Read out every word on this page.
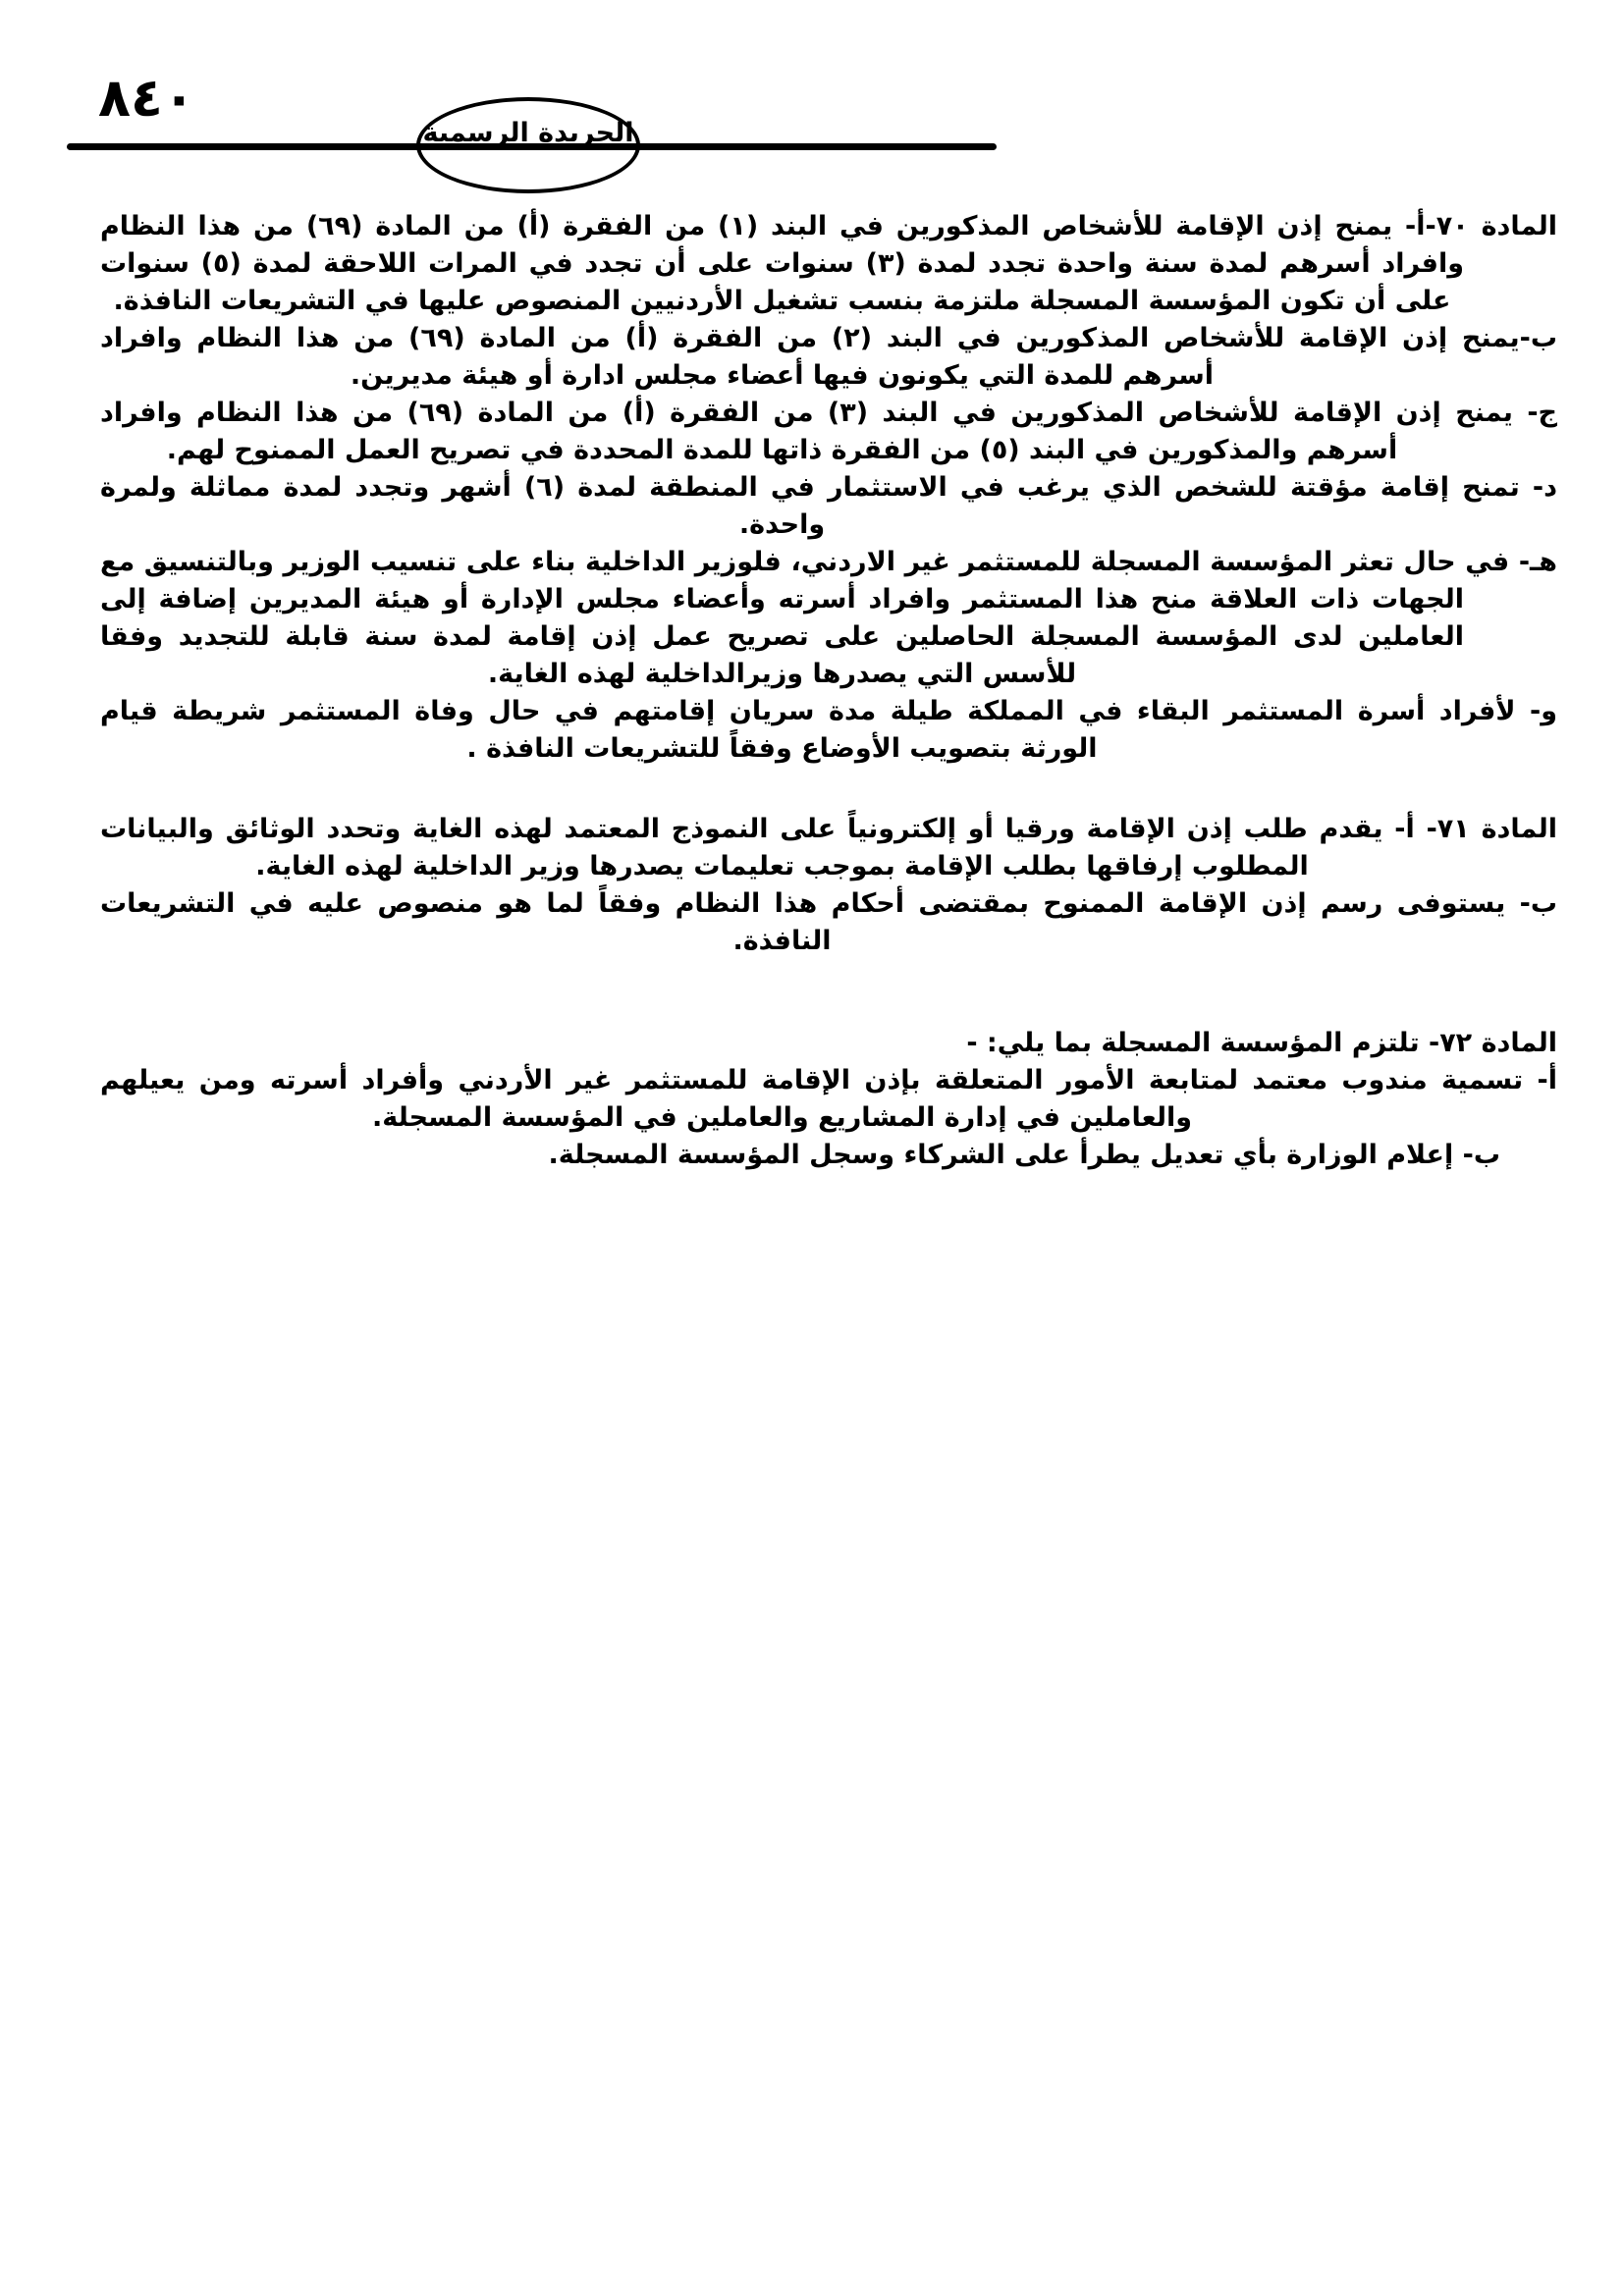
٨٤٠
الجريدة الرسمية

المادة ٧٠-أ- يمنح إذن الإقامة للأشخاص المذكورين في البند (١) من الفقرة (أ) من المادة (٦٩) من هذا النظام وافراد أسرهم لمدة سنة واحدة تجدد لمدة (٣) سنوات على أن تجدد في المرات اللاحقة لمدة (٥) سنوات على أن تكون المؤسسة المسجلة ملتزمة بنسب تشغيل الأردنيين المنصوص عليها في التشريعات النافذة.

ب-يمنح إذن الإقامة للأشخاص المذكورين في البند (٢) من الفقرة (أ) من المادة (٦٩) من هذا النظام وافراد أسرهم للمدة التي يكونون فيها أعضاء مجلس ادارة أو هيئة مديرين.

ج- يمنح إذن الإقامة للأشخاص المذكورين في البند (٣) من الفقرة (أ) من المادة (٦٩) من هذا النظام وافراد أسرهم والمذكورين في البند (٥) من الفقرة ذاتها للمدة المحددة في تصريح العمل الممنوح لهم.

د- تمنح إقامة مؤقتة للشخص الذي يرغب في الاستثمار في المنطقة لمدة (٦) أشهر وتجدد لمدة مماثلة ولمرة واحدة.

هـ- في حال تعثر المؤسسة المسجلة للمستثمر غير الاردني، فلوزير الداخلية بناء على تنسيب الوزير وبالتنسيق مع الجهات ذات العلاقة منح هذا المستثمر وافراد أسرته وأعضاء مجلس الإدارة أو هيئة المديرين إضافة إلى العاملين لدى المؤسسة المسجلة الحاصلين على تصريح عمل إذن إقامة لمدة سنة قابلة للتجديد وفقا للأسس التي يصدرها وزيرالداخلية لهذه الغاية.

و- لأفراد أسرة المستثمر البقاء في المملكة طيلة مدة سريان إقامتهم في حال وفاة المستثمر شريطة قيام الورثة بتصويب الأوضاع وفقاً للتشريعات النافذة .

المادة ٧١- أ- يقدم طلب إذن الإقامة ورقيا أو إلكترونياً على النموذج المعتمد لهذه الغاية وتحدد الوثائق والبيانات المطلوب إرفاقها بطلب الإقامة بموجب تعليمات يصدرها وزير الداخلية لهذه الغاية.

ب- يستوفى رسم إذن الإقامة الممنوح بمقتضى أحكام هذا النظام وفقاً لما هو منصوص عليه في التشريعات النافذة.

المادة ٧٢- تلتزم المؤسسة المسجلة بما يلي: -

أ- تسمية مندوب معتمد لمتابعة الأمور المتعلقة بإذن الإقامة للمستثمر غير الأردني وأفراد أسرته ومن يعيلهم والعاملين في إدارة المشاريع والعاملين في المؤسسة المسجلة.

ب- إعلام الوزارة بأي تعديل يطرأ على الشركاء وسجل المؤسسة المسجلة.
